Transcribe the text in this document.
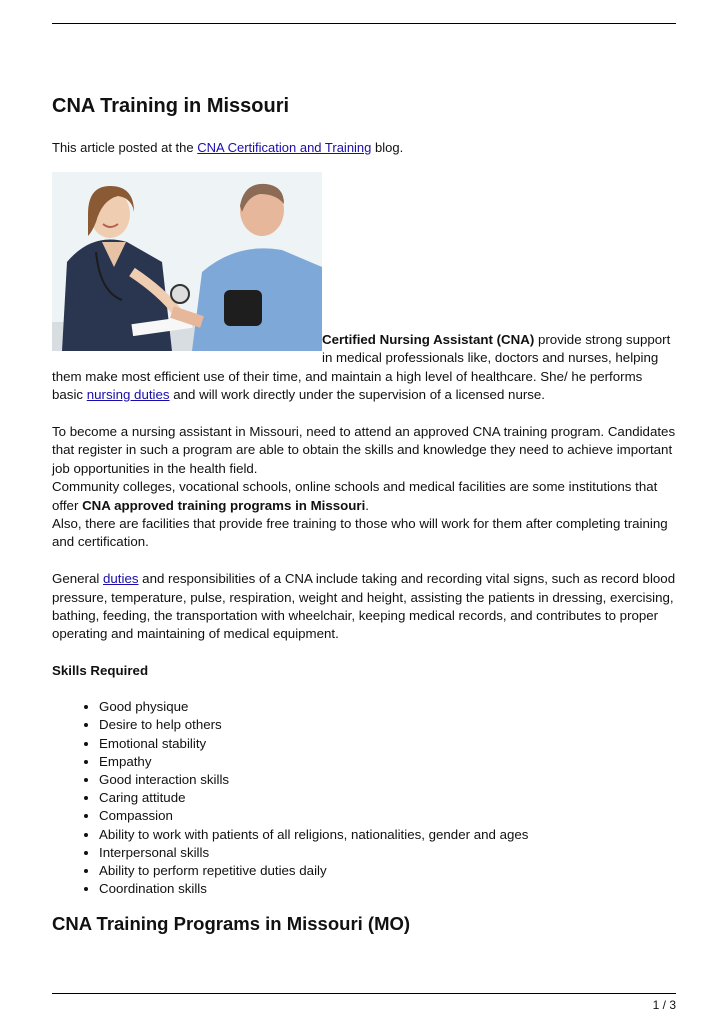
CNA Training in Missouri

This article posted at the CNA Certification and Training blog.

Certified Nursing Assistant (CNA) provide strong support in medical professionals like, doctors and nurses, helping them make most efficient use of their time, and maintain a high level of healthcare. She/ he performs basic nursing duties and will work directly under the supervision of a licensed nurse.

To become a nursing assistant in Missouri, need to attend an approved CNA training program. Candidates that register in such a program are able to obtain the skills and knowledge they need to achieve important job opportunities in the health field.
Community colleges, vocational schools, online schools and medical facilities are some institutions that offer CNA approved training programs in Missouri.
Also, there are facilities that provide free training to those who will work for them after completing training and certification.

General duties and responsibilities of a CNA include taking and recording vital signs, such as record blood pressure, temperature, pulse, respiration, weight and height, assisting the patients in dressing, exercising, bathing, feeding, the transportation with wheelchair, keeping medical records, and contributes to proper operating and maintaining of medical equipment.

Skills Required

• Good physique
• Desire to help others
• Emotional stability
• Empathy
• Good interaction skills
• Caring attitude
• Compassion
• Ability to work with patients of all religions, nationalities, gender and ages
• Interpersonal skills
• Ability to perform repetitive duties daily
• Coordination skills
CNA Training Programs in Missouri (MO)
1 / 3
